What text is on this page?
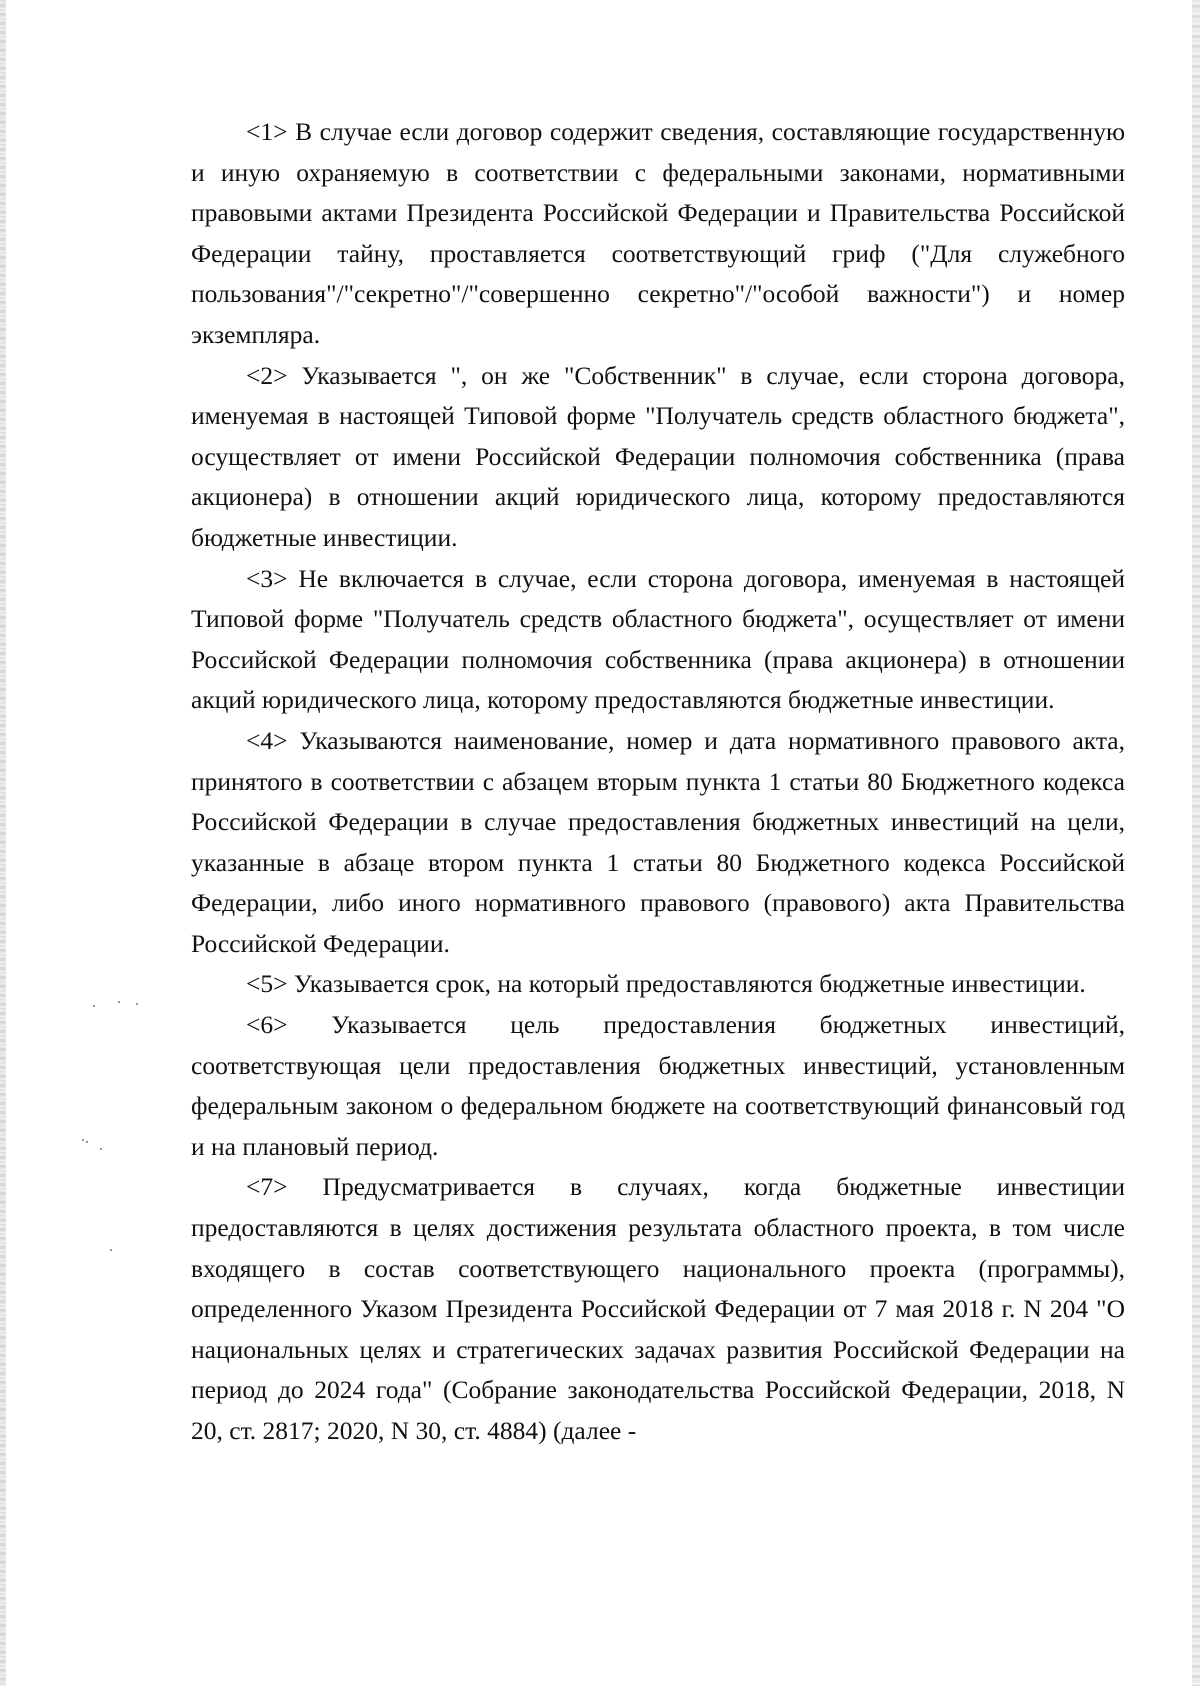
<1> В случае если договор содержит сведения, составляющие государственную и иную охраняемую в соответствии с федеральными законами, нормативными правовыми актами Президента Российской Федерации и Правительства Российской Федерации тайну, проставляется соответствующий гриф ("Для служебного пользования"/"секретно"/"совершенно секретно"/"особой важности") и номер экземпляра.

<2> Указывается ", он же "Собственник" в случае, если сторона договора, именуемая в настоящей Типовой форме "Получатель средств областного бюджета", осуществляет от имени Российской Федерации полномочия собственника (права акционера) в отношении акций юридического лица, которому предоставляются бюджетные инвестиции.

<3> Не включается в случае, если сторона договора, именуемая в настоящей Типовой форме "Получатель средств областного бюджета", осуществляет от имени Российской Федерации полномочия собственника (права акционера) в отношении акций юридического лица, которому предоставляются бюджетные инвестиции.

<4> Указываются наименование, номер и дата нормативного правового акта, принятого в соответствии с абзацем вторым пункта 1 статьи 80 Бюджетного кодекса Российской Федерации в случае предоставления бюджетных инвестиций на цели, указанные в абзаце втором пункта 1 статьи 80 Бюджетного кодекса Российской Федерации, либо иного нормативного правового (правового) акта Правительства Российской Федерации.

<5> Указывается срок, на который предоставляются бюджетные инвестиции.

<6> Указывается цель предоставления бюджетных инвестиций, соответствующая цели предоставления бюджетных инвестиций, установленным федеральным законом о федеральном бюджете на соответствующий финансовый год и на плановый период.

<7> Предусматривается в случаях, когда бюджетные инвестиции предоставляются в целях достижения результата областного проекта, в том числе входящего в состав соответствующего национального проекта (программы), определенного Указом Президента Российской Федерации от 7 мая 2018 г. N 204 "О национальных целях и стратегических задачах развития Российской Федерации на период до 2024 года" (Собрание законодательства Российской Федерации, 2018, N 20, ст. 2817; 2020, N 30, ст. 4884) (далее -
